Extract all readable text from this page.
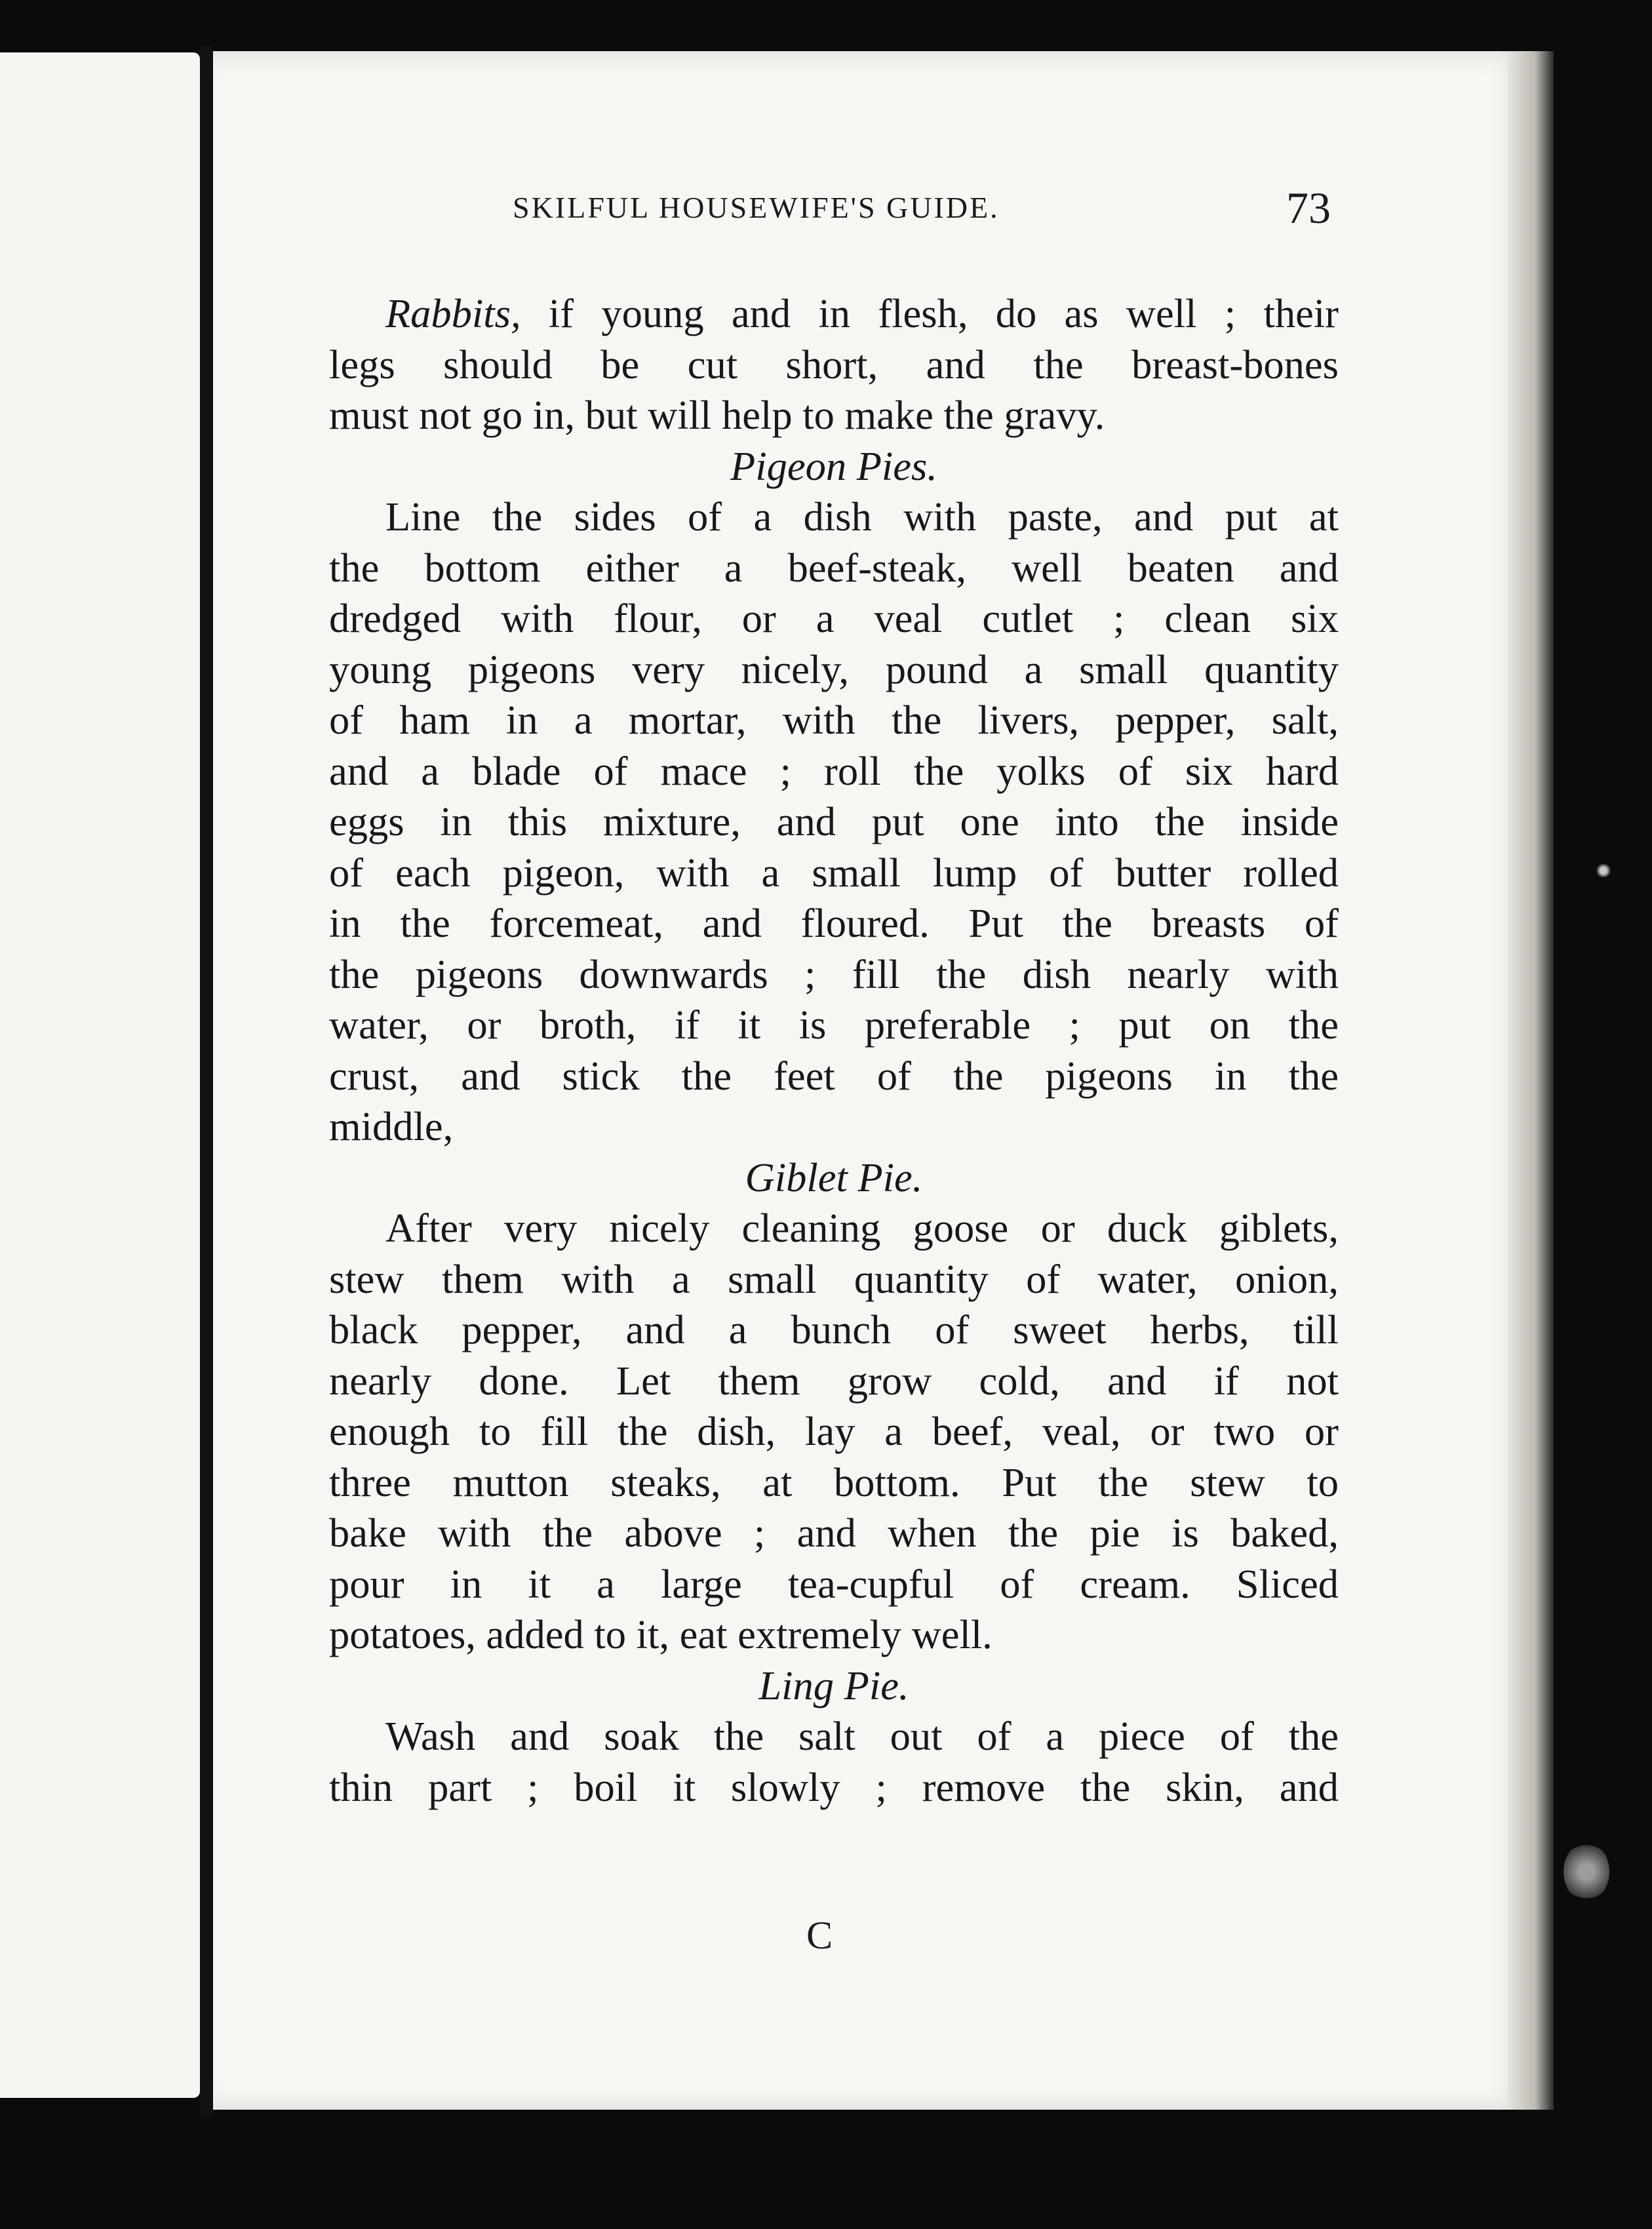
SKILFUL HOUSEWIFE'S GUIDE.	73
Rabbits, if young and in flesh, do as well ; their
legs should be cut short, and the breast-bones
must not go in, but will help to make the gravy.
Pigeon Pies.
Line the sides of a dish with paste, and put at
the bottom either a beef-steak, well beaten and
dredged with flour, or a veal cutlet ; clean six
young pigeons very nicely, pound a small quantity
of ham in a mortar, with the livers, pepper, salt,
and a blade of mace ; roll the yolks of six hard
eggs in this mixture, and put one into the inside
of each pigeon, with a small lump of butter rolled
in the forcemeat, and floured. Put the breasts of
the pigeons downwards ; fill the dish nearly with
water, or broth, if it is preferable ; put on the
crust, and stick the feet of the pigeons in the
middle,
Giblet Pie.
After very nicely cleaning goose or duck giblets,
stew them with a small quantity of water, onion,
black pepper, and a bunch of sweet herbs, till
nearly done. Let them grow cold, and if not
enough to fill the dish, lay a beef, veal, or two or
three mutton steaks, at bottom. Put the stew to
bake with the above ; and when the pie is baked,
pour in it a large tea-cupful of cream. Sliced
potatoes, added to it, eat extremely well.
Ling Pie.
Wash and soak the salt out of a piece of the
thin part ; boil it slowly ; remove the skin, and
C
